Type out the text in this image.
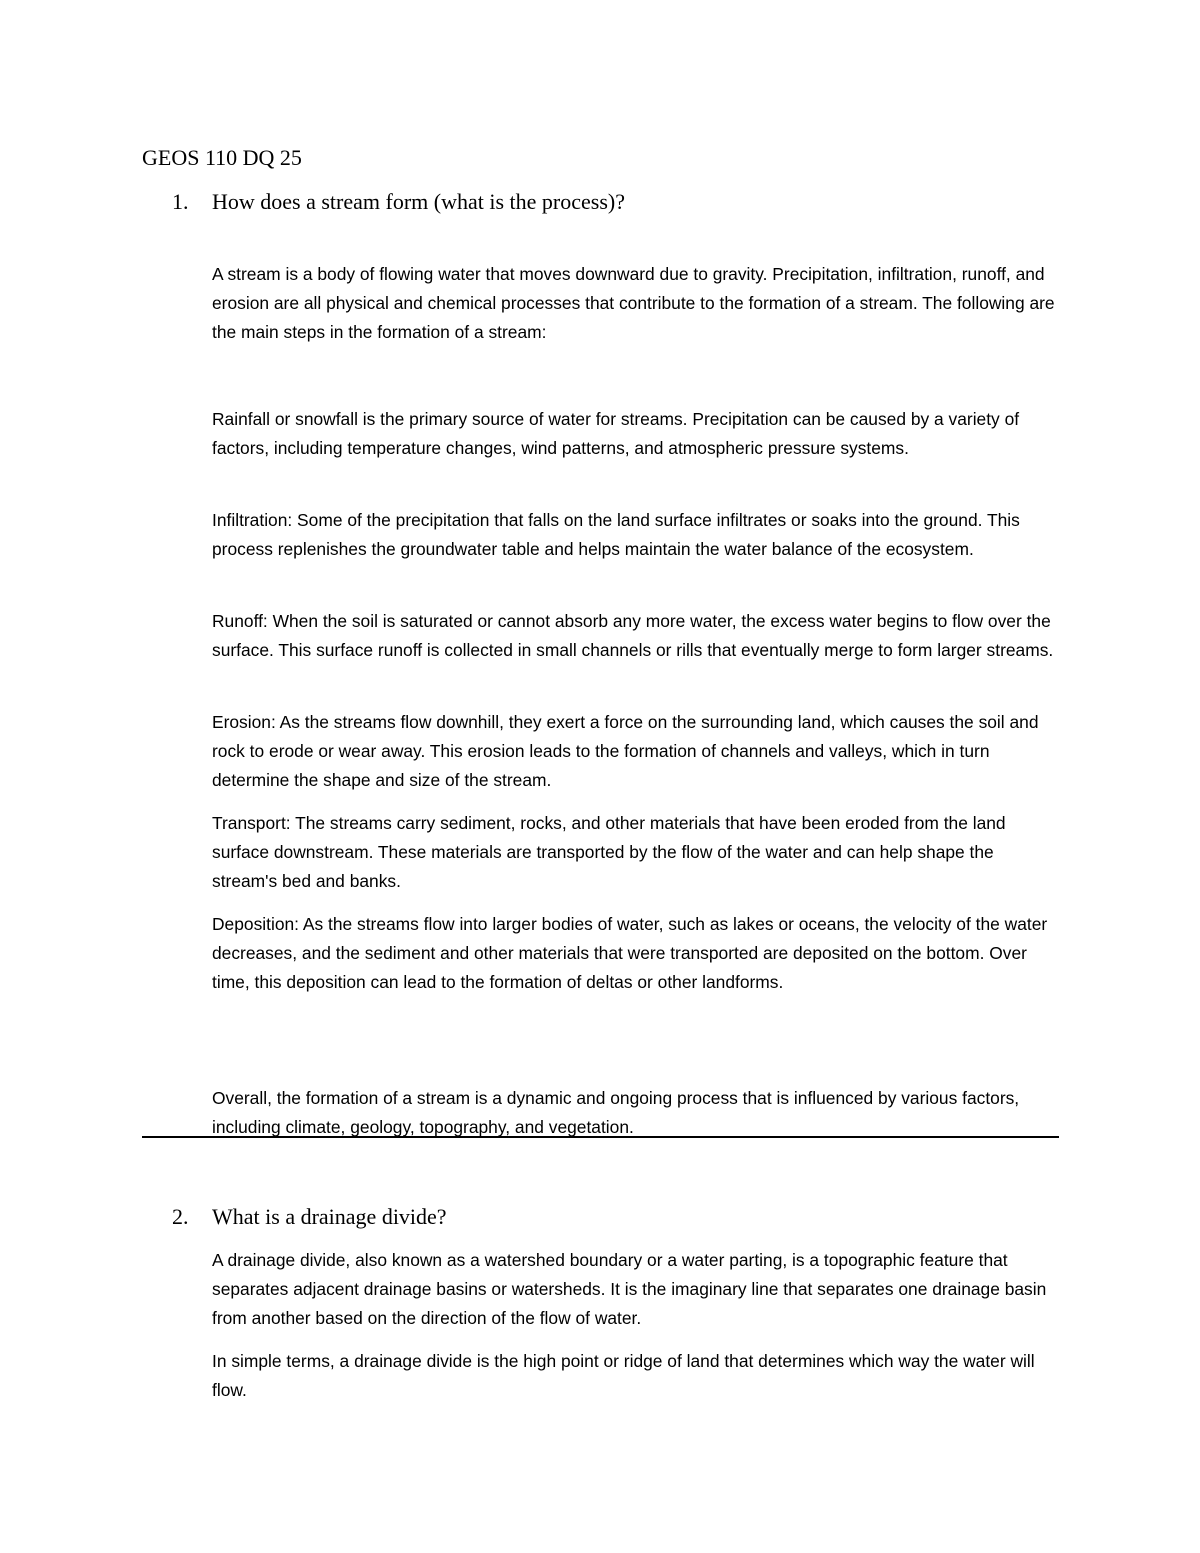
GEOS 110 DQ 25
1. How does a stream form (what is the process)?

A stream is a body of flowing water that moves downward due to gravity. Precipitation, infiltration, runoff, and erosion are all physical and chemical processes that contribute to the formation of a stream. The following are the main steps in the formation of a stream:

Rainfall or snowfall is the primary source of water for streams. Precipitation can be caused by a variety of factors, including temperature changes, wind patterns, and atmospheric pressure systems.

Infiltration: Some of the precipitation that falls on the land surface infiltrates or soaks into the ground. This process replenishes the groundwater table and helps maintain the water balance of the ecosystem.

Runoff: When the soil is saturated or cannot absorb any more water, the excess water begins to flow over the surface. This surface runoff is collected in small channels or rills that eventually merge to form larger streams.

Erosion: As the streams flow downhill, they exert a force on the surrounding land, which causes the soil and rock to erode or wear away. This erosion leads to the formation of channels and valleys, which in turn determine the shape and size of the stream.

Transport: The streams carry sediment, rocks, and other materials that have been eroded from the land surface downstream. These materials are transported by the flow of the water and can help shape the stream's bed and banks.

Deposition: As the streams flow into larger bodies of water, such as lakes or oceans, the velocity of the water decreases, and the sediment and other materials that were transported are deposited on the bottom. Over time, this deposition can lead to the formation of deltas or other landforms.

Overall, the formation of a stream is a dynamic and ongoing process that is influenced by various factors, including climate, geology, topography, and vegetation.

2. What is a drainage divide?

A drainage divide, also known as a watershed boundary or a water parting, is a topographic feature that separates adjacent drainage basins or watersheds. It is the imaginary line that separates one drainage basin from another based on the direction of the flow of water.

In simple terms, a drainage divide is the high point or ridge of land that determines which way the water will flow.
